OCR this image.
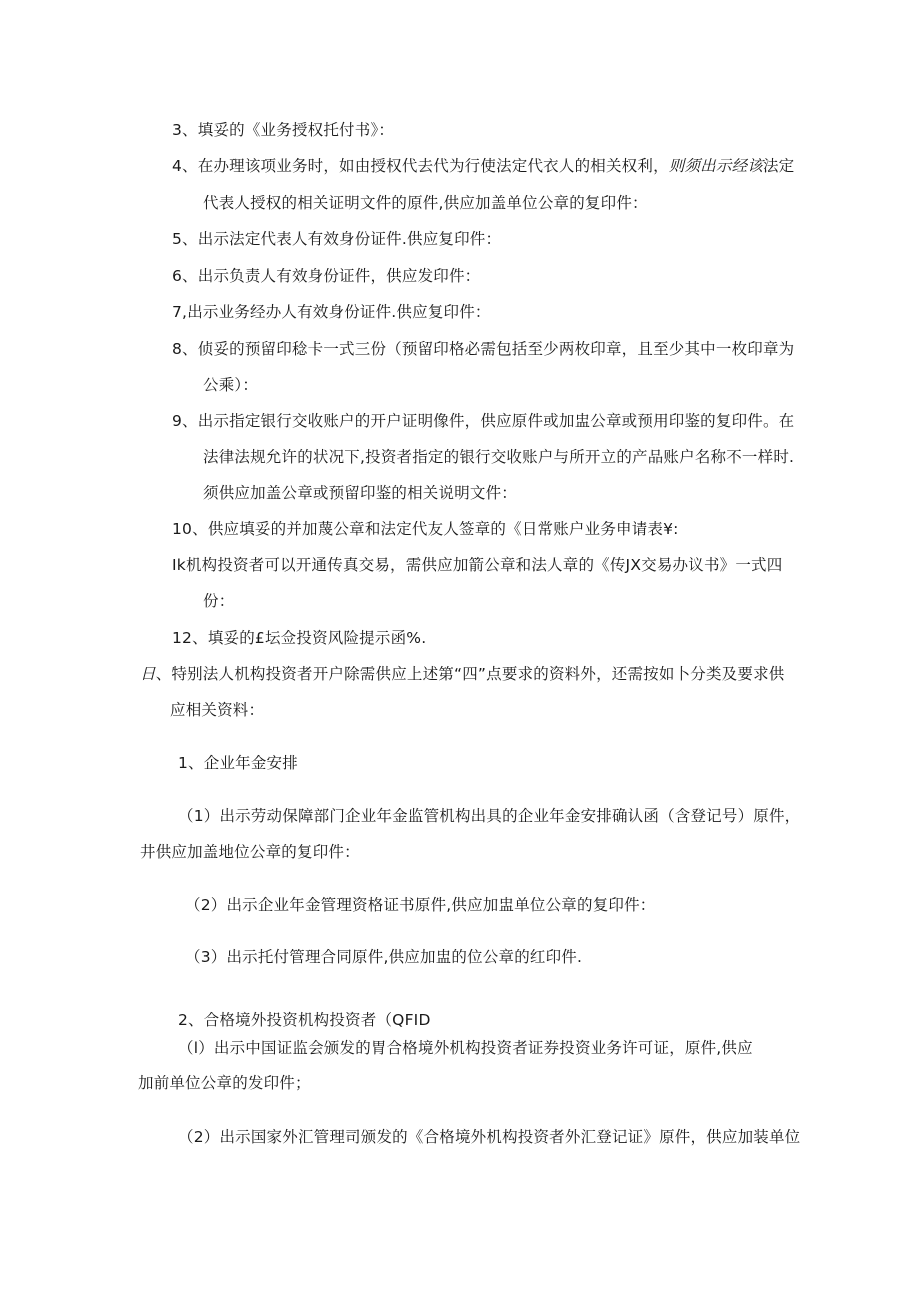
3、填妥的《业务授权托付书》：
4、在办理该项业务时，如由授权代去代为行使法定代衣人的相关权利，则须出示经该法定
代表人授权的相关证明文件的原件,供应加盖单位公章的复印件：
5、出示法定代表人有效身份证件.供应复印件：
6、出示负责人有效身份证件，供应发印件：
7,出示业务经办人有效身份证件.供应复印件：
8、侦妥的预留印稔卡一式三份（预留印格必需包括至少两枚印章，且至少其中一枚印章为
公乘）：
9、出示指定银行交收账户的开户证明像件，供应原件或加盅公章或预用印鉴的复印件。在
法律法规允许的状况下,投资者指定的银行交收账户与所开立的产品账户名称不一样时.
须供应加盖公章或预留印鉴的相关说明文件：
10、供应填妥的并加蔑公章和法定代友人签章的《日常账户业务申请表¥:
Ik机构投资者可以开通传真交易，需供应加箭公章和法人章的《传JX交易办议书》一式四
份：
12、填妥的£坛佥投资风险提示函%.
日、特别法人机构投资者开户除需供应上述第“四”点要求的资料外，还需按如卜分类及要求供
应相关资料：
1、企业年金安排
（1）出示劳动保障部门企业年金监管机构出具的企业年金安排确认函（含登记号）原件，
井供应加盖地位公章的复印件：
（2）出示企业年金管理资格证书原件,供应加盅单位公章的复印件：
（3）出示托付管理合同原件,供应加盅的位公章的红印件.
2、合格境外投资机构投资者（QFID
（l）出示中国证监会颁发的胃合格境外机构投资者证券投资业务许可证，原件,供应
加前单位公章的发印件；
（2）出示国家外汇管理司颁发的《合格境外机构投资者外汇登记证》原件，供应加装单位
